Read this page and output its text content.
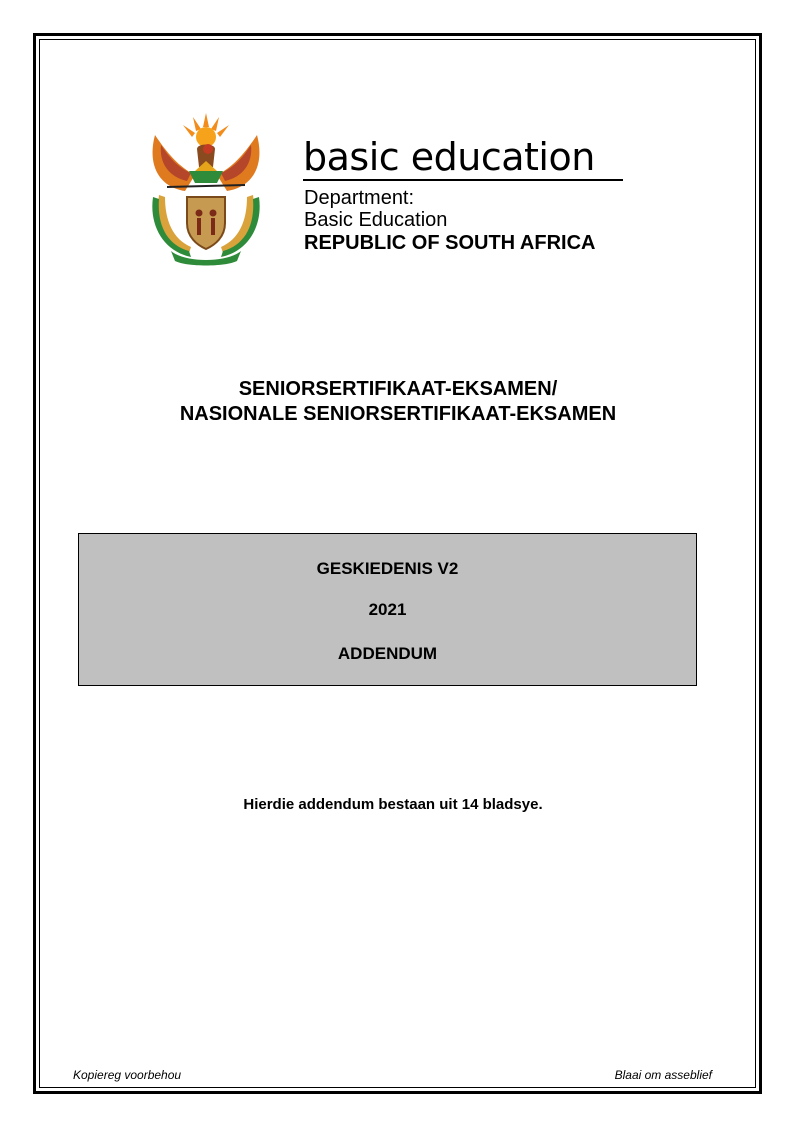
basic education
Department:
Basic Education
REPUBLIC OF SOUTH AFRICA
SENIORSERTIFIKAAT-EKSAMEN/
NASIONALE SENIORSERTIFIKAAT-EKSAMEN
GESKIEDENIS V2
2021
ADDENDUM
Hierdie addendum bestaan uit 14 bladsye.
Kopiereg voorbehou	Blaai om asseblief
